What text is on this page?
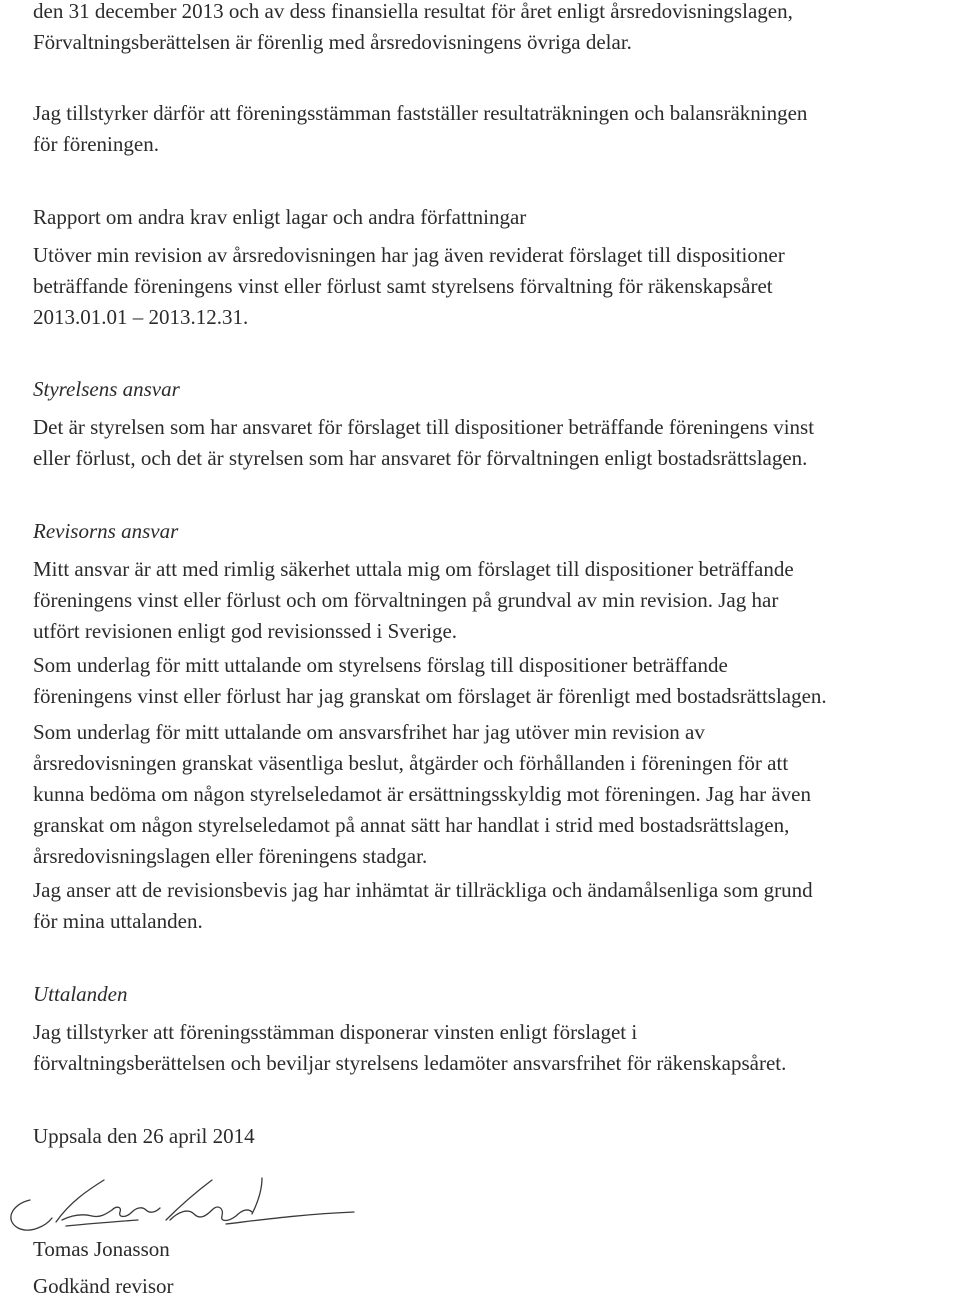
den 31 december 2013 och av dess finansiella resultat för året enligt årsredovisningslagen,
Förvaltningsberättelsen är förenlig med årsredovisningens övriga delar.
Jag tillstyrker därför att föreningsstämman fastställer resultaträkningen och balansräkningen
för föreningen.
Rapport om andra krav enligt lagar och andra författningar
Utöver min revision av årsredovisningen har jag även reviderat förslaget till dispositioner
beträffande föreningens vinst eller förlust samt styrelsens förvaltning för räkenskapsåret
2013.01.01 – 2013.12.31.
Styrelsens ansvar
Det är styrelsen som har ansvaret för förslaget till dispositioner beträffande föreningens vinst
eller förlust, och det är styrelsen som har ansvaret för förvaltningen enligt bostadsrättslagen.
Revisorns ansvar
Mitt ansvar är att med rimlig säkerhet uttala mig om förslaget till dispositioner beträffande
föreningens vinst eller förlust och om förvaltningen på grundval av min revision. Jag har
utfört revisionen enligt god revisionssed i Sverige.
Som underlag för mitt uttalande om styrelsens förslag till dispositioner beträffande
föreningens vinst eller förlust har jag granskat om förslaget är förenligt med bostadsrättslagen.
Som underlag för mitt uttalande om ansvarsfrihet har jag utöver min revision av
årsredovisningen granskat väsentliga beslut, åtgärder och förhållanden i föreningen för att
kunna bedöma om någon styrelseledamot är ersättningsskyldig mot föreningen. Jag har även
granskat om någon styrelseledamot på annat sätt har handlat i strid med bostadsrättslagen,
årsredovisningslagen eller föreningens stadgar.
Jag anser att de revisionsbevis jag har inhämtat är tillräckliga och ändamålsenliga som grund
för mina uttalanden.
Uttalanden
Jag tillstyrker att föreningsstämman disponerar vinsten enligt förslaget i
förvaltningsberättelsen och beviljar styrelsens ledamöter ansvarsfrihet för räkenskapsåret.
Uppsala den 26 april 2014
Tomas Jonasson
Godkänd revisor
